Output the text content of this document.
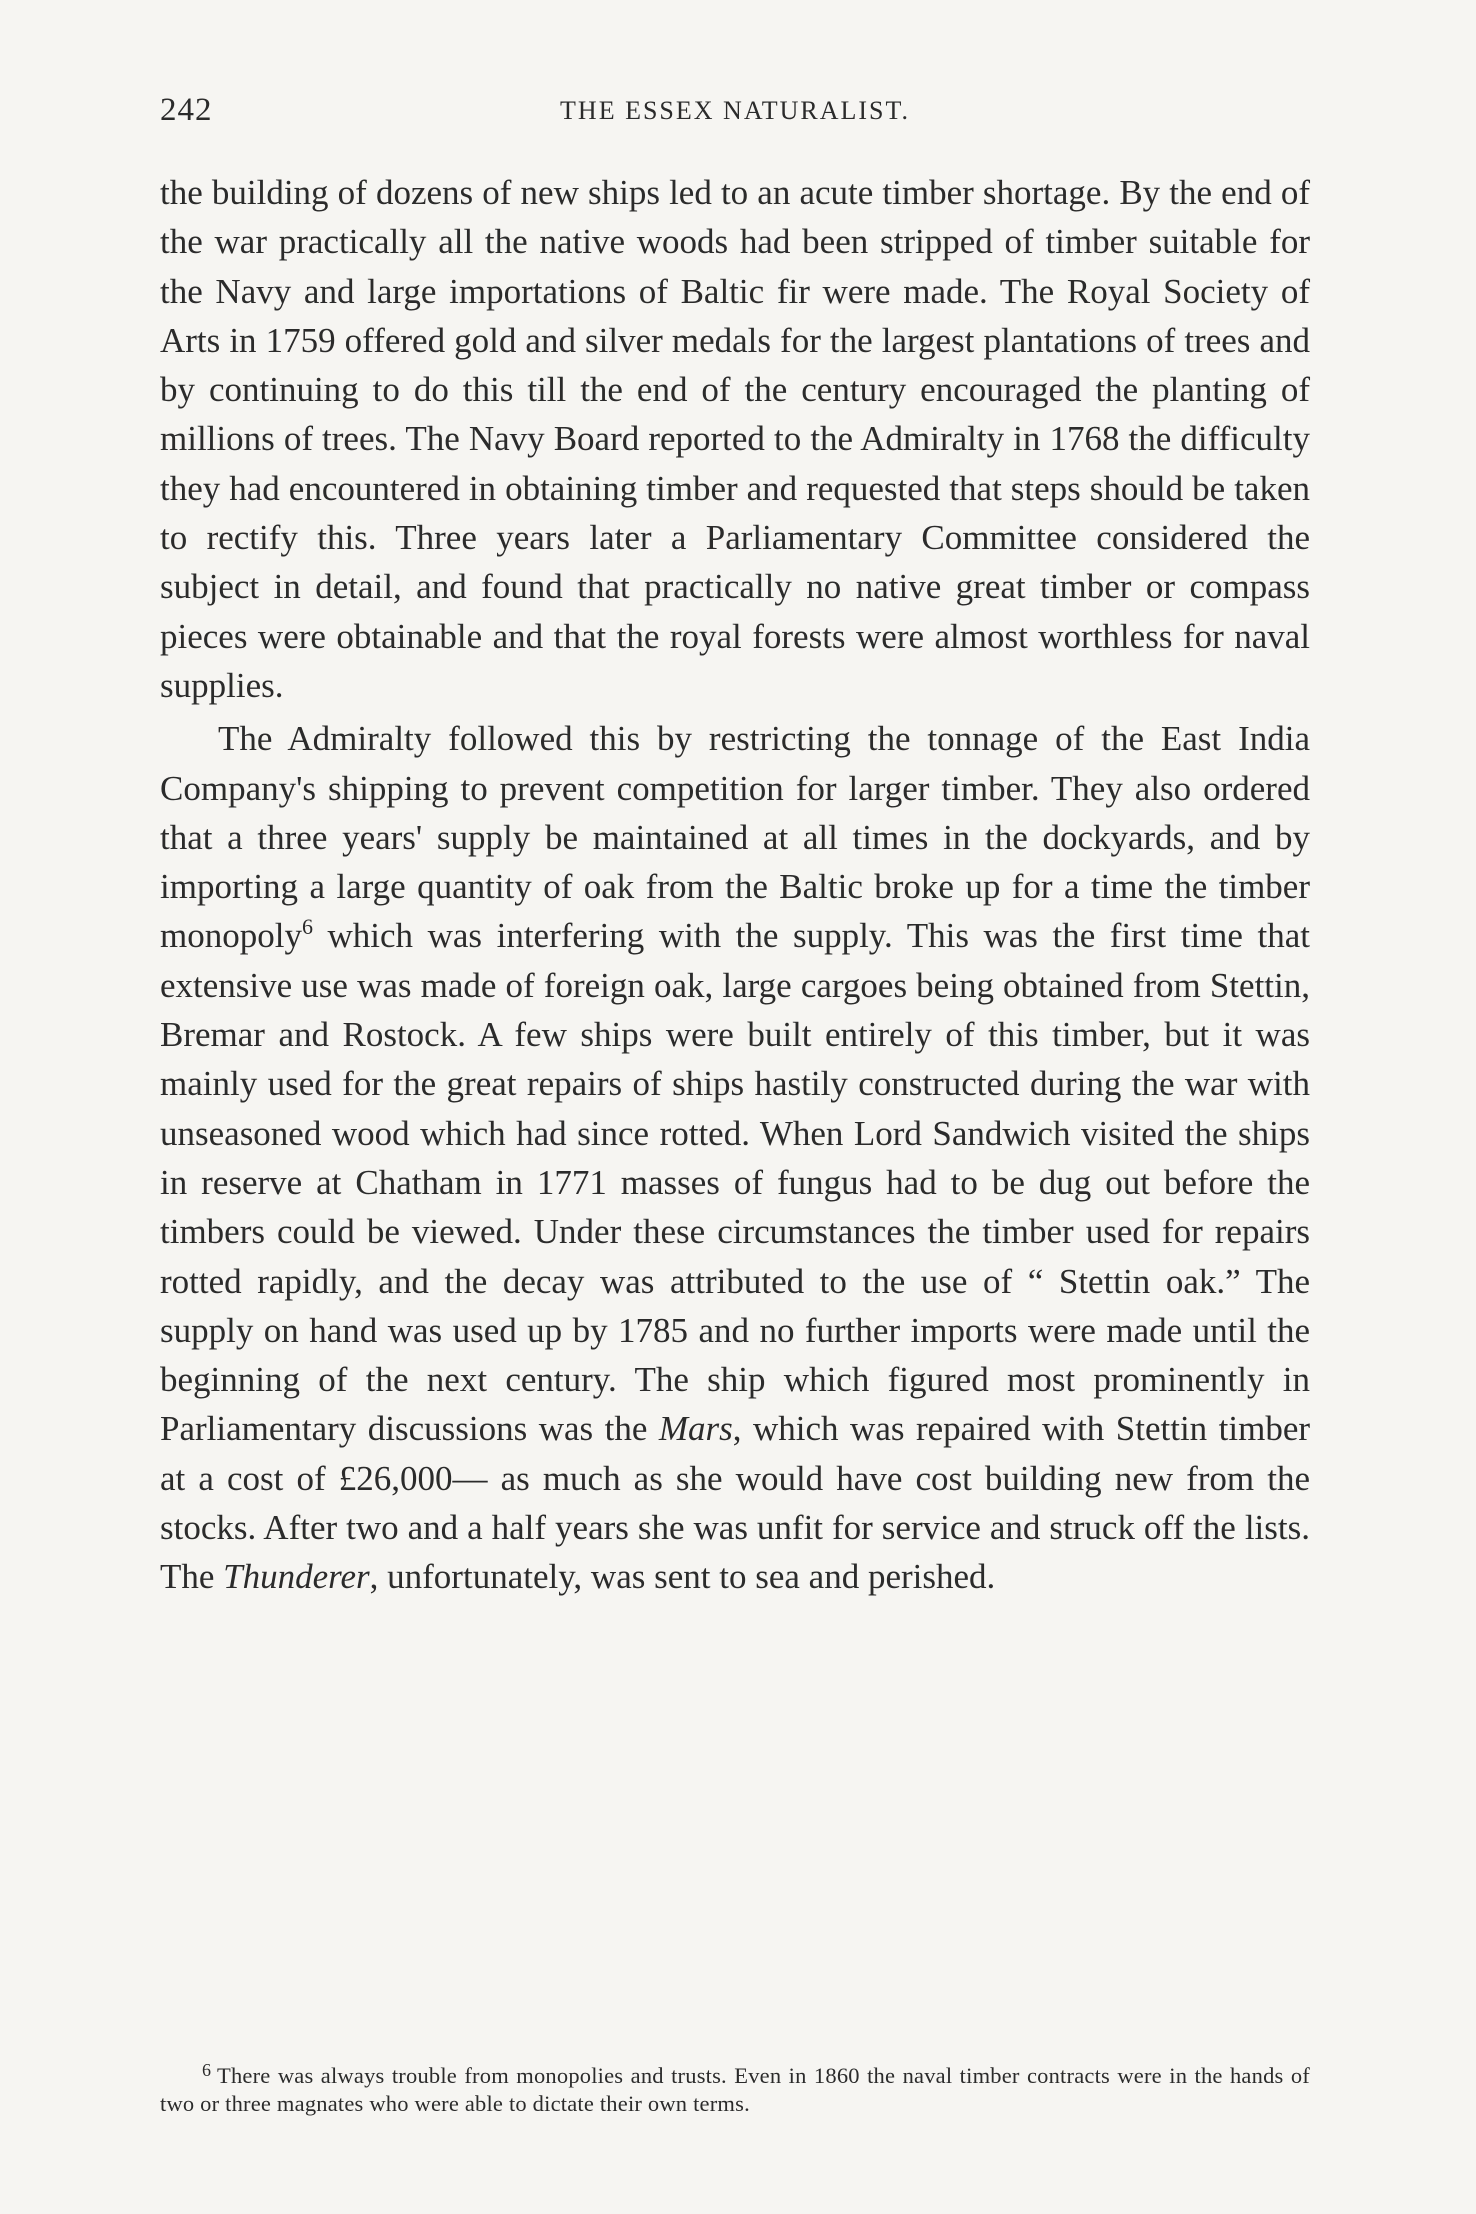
242	THE ESSEX NATURALIST.

the building of dozens of new ships led to an acute timber shortage. By the end of the war practically all the native woods had been stripped of timber suitable for the Navy and large importations of Baltic fir were made. The Royal Society of Arts in 1759 offered gold and silver medals for the largest plantations of trees and by continuing to do this till the end of the century encouraged the planting of millions of trees. The Navy Board reported to the Admiralty in 1768 the difficulty they had encountered in obtaining timber and requested that steps should be taken to rectify this. Three years later a Parliamentary Committee considered the subject in detail, and found that practically no native great timber or compass pieces were obtainable and that the royal forests were almost worthless for naval supplies.

The Admiralty followed this by restricting the tonnage of the East India Company's shipping to prevent competition for larger timber. They also ordered that a three years' supply be maintained at all times in the dockyards, and by importing a large quantity of oak from the Baltic broke up for a time the timber monopoly$^6$ which was interfering with the supply. This was the first time that extensive use was made of foreign oak, large cargoes being obtained from Stettin, Bremar and Rostock. A few ships were built entirely of this timber, but it was mainly used for the great repairs of ships hastily constructed during the war with unseasoned wood which had since rotted. When Lord Sandwich visited the ships in reserve at Chatham in 1771 masses of fungus had to be dug out before the timbers could be viewed. Under these circumstances the timber used for repairs rotted rapidly, and the decay was attributed to the use of “ Stettin oak.” The supply on hand was used up by 1785 and no further imports were made until the beginning of the next century. The ship which figured most prominently in Parliamentary discussions was the Mars, which was repaired with Stettin timber at a cost of £26,000— as much as she would have cost building new from the stocks. After two and a half years she was unfit for service and struck off the lists. The Thunderer, unfortunately, was sent to sea and perished.

$^6$ There was always trouble from monopolies and trusts. Even in 1860 the naval timber contracts were in the hands of two or three magnates who were able to dictate their own terms.
